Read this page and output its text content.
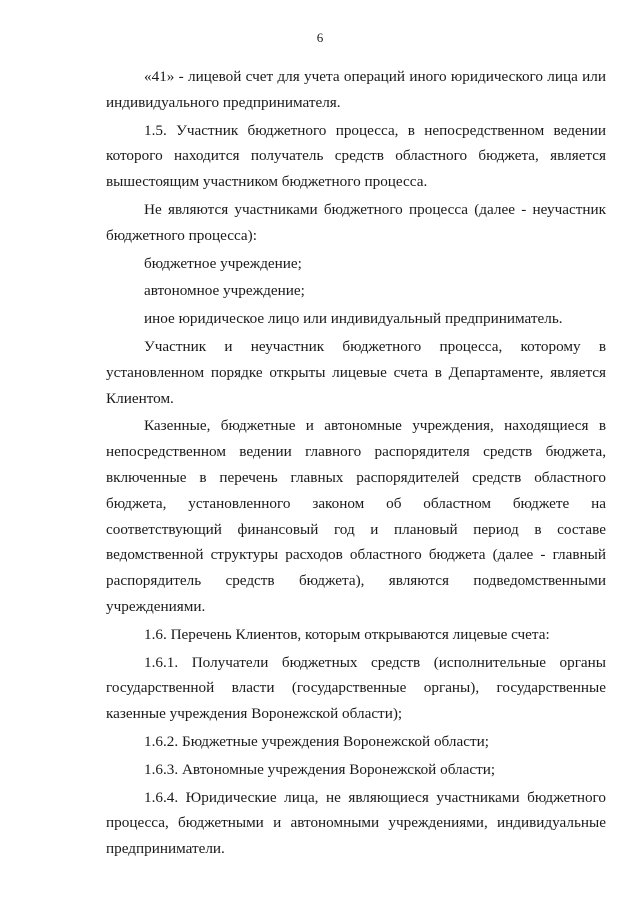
6

«41» - лицевой счет для учета операций иного юридического лица или индивидуального предпринимателя.

1.5. Участник бюджетного процесса, в непосредственном ведении которого находится получатель средств областного бюджета, является вышестоящим участником бюджетного процесса.

Не являются участниками бюджетного процесса (далее - неучастник бюджетного процесса):

бюджетное учреждение;

автономное учреждение;

иное юридическое лицо или индивидуальный предприниматель.

Участник и неучастник бюджетного процесса, которому в установленном порядке открыты лицевые счета в Департаменте, является Клиентом.

Казенные, бюджетные и автономные учреждения, находящиеся в непосредственном ведении главного распорядителя средств бюджета, включенные в перечень главных распорядителей средств областного бюджета, установленного законом об областном бюджете на соответствующий финансовый год и плановый период в составе ведомственной структуры расходов областного бюджета (далее - главный распорядитель средств бюджета), являются подведомственными учреждениями.

1.6. Перечень Клиентов, которым открываются лицевые счета:

1.6.1. Получатели бюджетных средств (исполнительные органы государственной власти (государственные органы), государственные казенные учреждения Воронежской области);

1.6.2. Бюджетные учреждения Воронежской области;

1.6.3. Автономные учреждения Воронежской области;

1.6.4. Юридические лица, не являющиеся участниками бюджетного процесса, бюджетными и автономными учреждениями, индивидуальные предприниматели.
